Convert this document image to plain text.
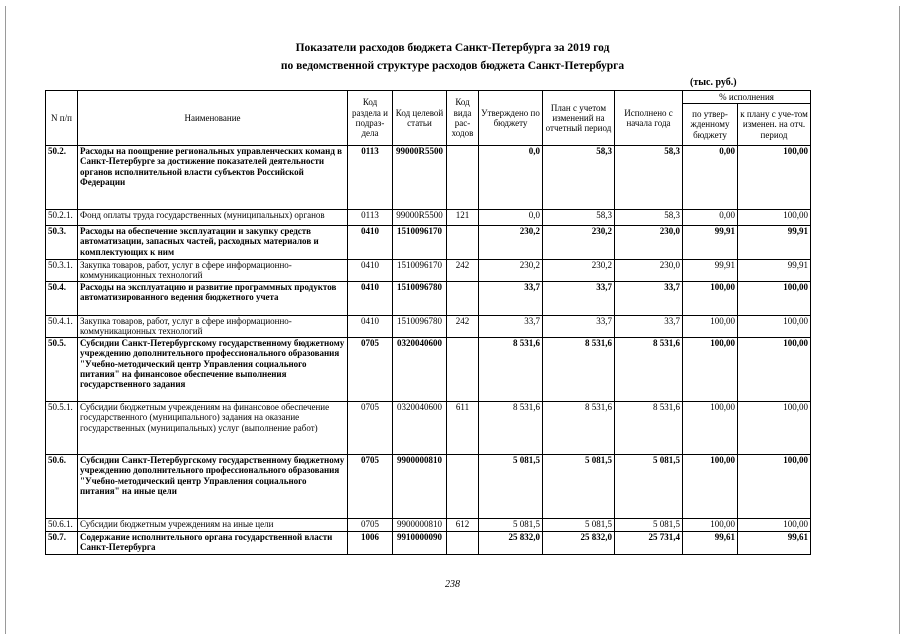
Показатели расходов бюджета Санкт-Петербурга за 2019 год
по ведомственной структуре расходов бюджета Санкт-Петербурга
(тыс. руб.)
N п/п	Наименование	Код раздела и подраз-дела	Код целевой статьи	Код вида рас-ходов	Утверждено по бюджету	План с учетом изменений на отчетный период	Исполнено с начала года	% исполнения	
								по утвер-жденному бюджету	к плану с уче-том изменен. на отч. период
50.2.	Расходы на поощрение региональных управленческих команд в Санкт-Петербурге за достижение показателей деятельности органов исполнительной власти субъектов Российской Федерации	0113	99000R5500		0,0	58,3	58,3	0,00	100,00
50.2.1.	Фонд оплаты труда государственных (муниципальных) органов	0113	99000R5500	121	0,0	58,3	58,3	0,00	100,00
50.3.	Расходы на обеспечение эксплуатации и закупку средств автоматизации, запасных частей, расходных материалов и комплектующих к ним	0410	1510096170		230,2	230,2	230,0	99,91	99,91
50.3.1.	Закупка товаров, работ, услуг в сфере информационно-коммуникационных технологий	0410	1510096170	242	230,2	230,2	230,0	99,91	99,91
50.4.	Расходы на эксплуатацию и развитие программных продуктов автоматизированного ведения бюджетного учета	0410	1510096780		33,7	33,7	33,7	100,00	100,00
50.4.1.	Закупка товаров, работ, услуг в сфере информационно-коммуникационных технологий	0410	1510096780	242	33,7	33,7	33,7	100,00	100,00
50.5.	Субсидии Санкт-Петербургскому государственному бюджетному учреждению дополнительного профессионального образования "Учебно-методический центр Управления социального питания" на финансовое обеспечение выполнения государственного задания	0705	0320040600		8 531,6	8 531,6	8 531,6	100,00	100,00
50.5.1.	Субсидии бюджетным учреждениям на финансовое обеспечение государственного (муниципального) задания на оказание государственных (муниципальных) услуг (выполнение работ)	0705	0320040600	611	8 531,6	8 531,6	8 531,6	100,00	100,00
50.6.	Субсидии Санкт-Петербургскому государственному бюджетному учреждению дополнительного профессионального образования "Учебно-методический центр Управления социального питания" на иные цели	0705	9900000810		5 081,5	5 081,5	5 081,5	100,00	100,00
50.6.1.	Субсидии бюджетным учреждениям на иные цели	0705	9900000810	612	5 081,5	5 081,5	5 081,5	100,00	100,00
50.7.	Содержание исполнительного органа государственной власти Санкт-Петербурга	1006	9910000090		25 832,0	25 832,0	25 731,4	99,61	99,61
238
